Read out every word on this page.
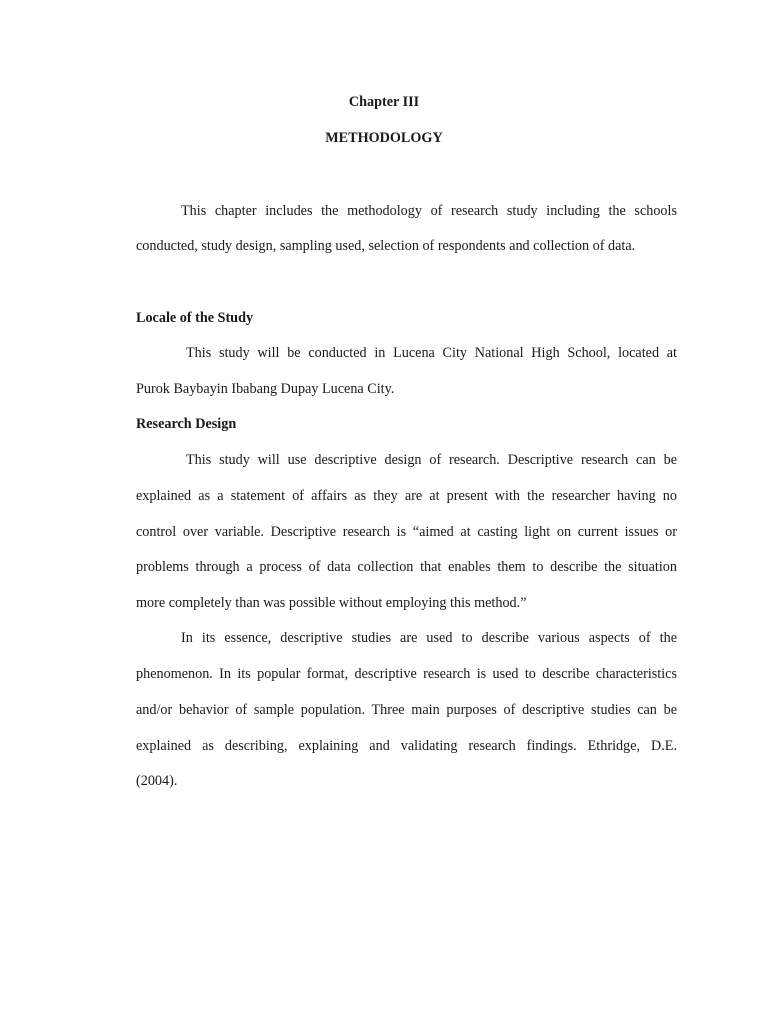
Chapter III
METHODOLOGY
This chapter includes the methodology of research study including the schools
conducted, study design, sampling used, selection of respondents and collection of data.
Locale of the Study
This study will be conducted in Lucena City National High School, located at
Purok Baybayin Ibabang Dupay Lucena City.
Research Design
This study will use descriptive design of research. Descriptive research can be
explained as a statement of affairs as they are at present with the researcher having no
control over variable. Descriptive research is “aimed at casting light on current issues or
problems through a process of data collection that enables them to describe the situation
more completely than was possible without employing this method.”
In its essence, descriptive studies are used to describe various aspects of the
phenomenon. In its popular format, descriptive research is used to describe characteristics
and/or behavior of sample population. Three main purposes of descriptive studies can be
explained as describing, explaining and validating research findings. Ethridge, D.E.
(2004).
